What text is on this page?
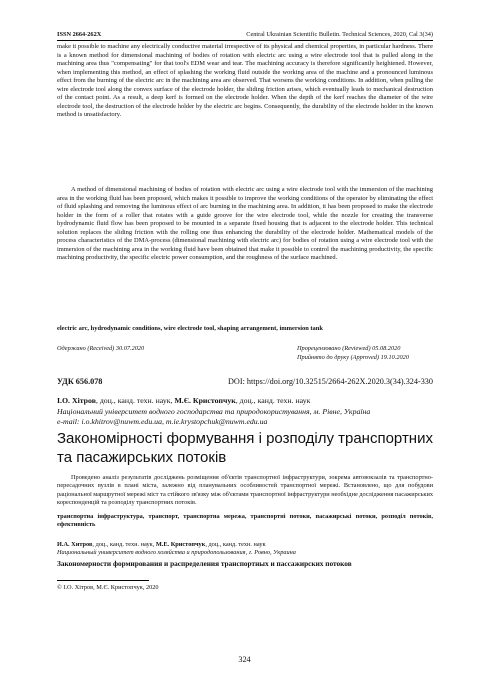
ISSN 2664-262X	Central Ukrainian Scientific Bulletin. Technical Sciences, 2020, Cal 3(34)

make it possible to machine any electrically conductive material irrespective of its physical and chemical properties, in particular hardness. There is a known method for dimensional machining of bodies of rotation with electric arc using a wire electrode tool that is pulled along in the machining area thus "compensating" for that tool's EDM wear and tear. The machining accuracy is therefore significantly heightened. However, when implementing this method, an effect of splashing the working fluid outside the working area of the machine and a pronounced luminous effect from the burning of the electric arc in the machining area are observed. That worsens the working conditions. In addition, when pulling the wire electrode tool along the convex surface of the electrode holder, the sliding friction arises, which eventually leads to mechanical destruction of the contact point. As a result, a deep kerf is formed on the electrode holder. When the depth of the kerf reaches the diameter of the wire electrode tool, the destruction of the electrode holder by the electric arc begins. Consequently, the durability of the electrode holder in the known method is unsatisfactory.

A method of dimensional machining of bodies of rotation with electric arc using a wire electrode tool with the immersion of the machining area in the working fluid has been proposed, which makes it possible to improve the working conditions of the operator by eliminating the effect of fluid splashing and removing the luminous effect of arc burning in the machining area. In addition, it has been proposed to make the electrode holder in the form of a roller that rotates with a guide groove for the wire electrode tool, while the nozzle for creating the transverse hydrodynamic fluid flow has been proposed to be mounted in a separate fixed housing that is adjacent to the electrode holder. This technical solution replaces the sliding friction with the rolling one thus enhancing the durability of the electrode holder. Mathematical models of the process characteristics of the DMA-process (dimensional machining with electric arc) for bodies of rotation using a wire electrode tool with the immersion of the machining area in the working fluid have been obtained that make it possible to control the machining productivity, the specific machining productivity, the specific electric power consumption, and the roughness of the surface machined.

electric arc, hydrodynamic conditions, wire electrode tool, shaping arrangement, immersion tank
Одержано (Received) 30.07.2020	Прорецензовано (Reviewed) 05.08.2020
Прийнято до друку (Approved) 19.10.2020
УДК 656.078	DOI: https://doi.org/10.32515/2664-262X.2020.3(34).324-330
І.О. Хітров, доц., канд. техн. наук, М.Є. Кристопчук, доц., канд. техн. наук
Національний університет водного господарства та природокористування, м. Рівне, Україна
e-mail: i.o.khitrov@nuwm.edu.ua, m.ie.krystopchuk@nuwm.edu.ua
Закономірності формування і розподілу транспортних та пасажирських потоків

Проведено аналіз результатів досліджень розміщення об'єктів транспортної інфраструктури, зокрема автовокзалів та транспортно-пересадочних вузлів в плані міста, залежно від планувальних особливостей транспортної мережі. Встановлено, що для побудови раціональної маршрутної мережі міст та стійкого зв'язку між об'єктами транспортної інфраструктури необхідне дослідження пасажирських кореспонденцій та розподілу транспортних потоків.

транспортна інфраструктура, транспорт, транспортна мережа, транспортні потоки, пасажирські потоки, розподіл потоків, ефективність
И.А. Хитров, доц., канд. техн. наук, М.Е. Кристопчук, доц., канд. техн. наук
Национальный университет водного хозяйства и природопользования, г. Ровно, Украина

Закономерности формирования и распределения транспортных и пассажирских потоков

© І.О. Хітров, М.Є. Кристопчук, 2020
324
